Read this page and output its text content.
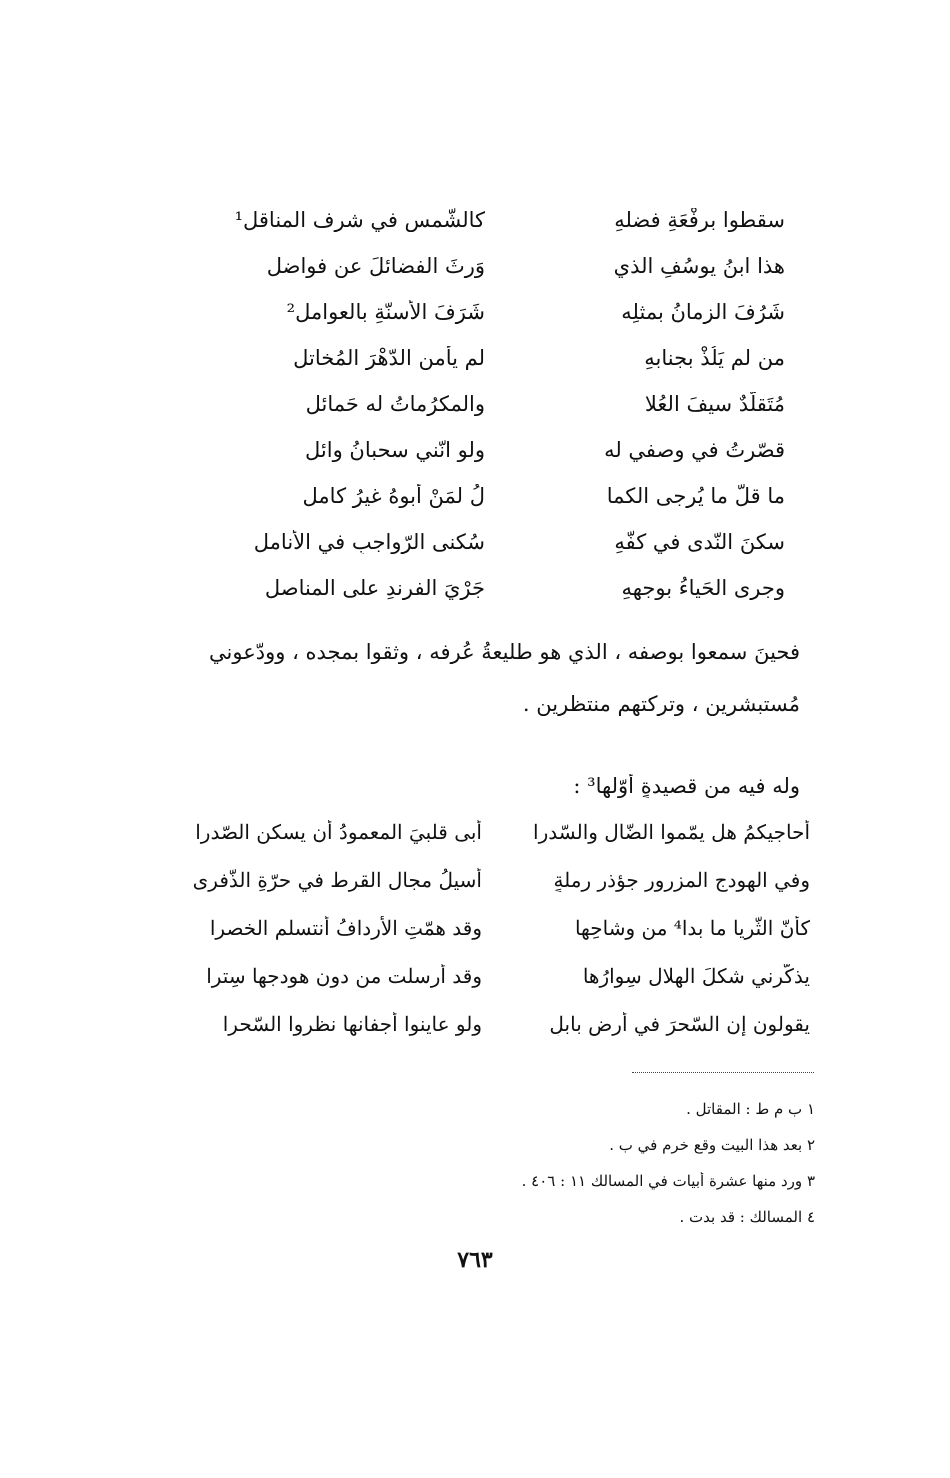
سقطوا برفْعَةِ فضلهِ
كالشّمس في شرف المناقل¹
هذا ابنُ يوسُفِ الذي
وَرِثَ الفضائلَ عن فواضل
شَرُفَ الزمانُ بمثلِه
شَرَفَ الأسنّةِ بالعوامل²
من لم يَلُذْ بجنابهِ
لم يأمنِ الدّهْرَ المُخاتل
مُتَقلّدٌ سيفَ العُلا
والمكرُماتُ له حَمائل
قصّرتُ في وصفي له
ولو انّني سحبانُ وائل
ما قلّ ما يُرجى الكما
لُ لمَنْ أبوهُ غيرُ كامل
سكنَ النّدى في كفّهِ
سُكنى الرّواجبِ في الأنامل
وجرى الحَياءُ بوجهِهِ
جَرْيَ الفرندِ على المناصل
فحينَ سمعوا بوصفه ، الذي هو طليعةُ عُرفه ، وثقوا بمجده ، وودّعوني
مُستبشرين ، وتركتهم منتظرين .
وله فيه من قصيدةٍ أوّلها³ :
أُحاجيكمُ هل يمّموا الضّال والسّدرا
أبى قلبيَ المعمودُ أن يسكن الصّدرا
وفي الهودجِ المزرور جؤذر رملةٍ
أسيلُ مجال القرط في حرّةِ الذّفرى
كأنّ الثّريا ما بدا⁴ من وشاحِها
وقد همّتِ الأردافُ أنتسلم الخصرا
يذكّرني شكلَ الهلالِ سِوارُها
وقد أرسلت من دون هودجها سِترا
يقولون إن السّحرَ في أرض بابلٍ
ولو عاينوا أجفانها نظروا السّحرا
١ ب م ط : المقاتل .
٢ بعد هذا البيت وقع خرم في ب .
٣ ورد منها عشرة أبيات في المسالك ١١ : ٤٠٦ .
٤ المسالك : قد بدت .
٧٦٣
